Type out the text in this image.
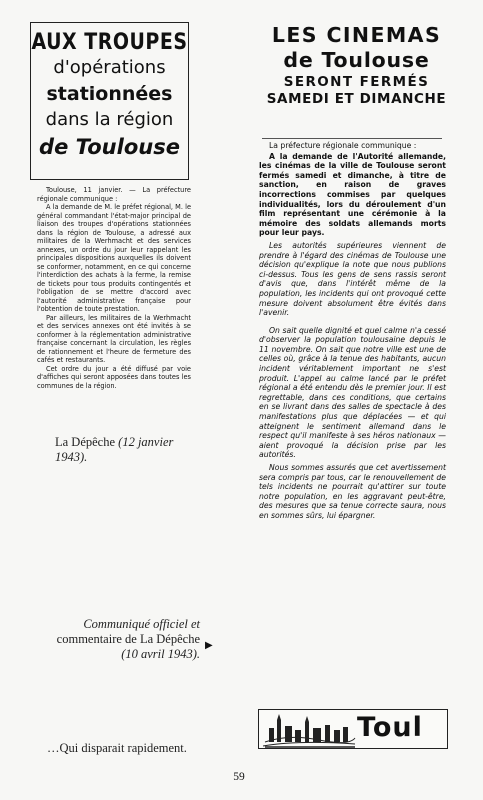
AUX TROUPES
d'opérations
stationnées
dans la région
de Toulouse

Toulouse, 11 janvier. — La préfecture régionale communique :

A la demande de M. le préfet régional, M. le général commandant l'état-major principal de liaison des troupes d'opérations stationnées dans la région de Toulouse, a adressé aux militaires de la Werhmacht et des services annexes, un ordre du jour leur rappelant les principales dispositions auxquelles ils doivent se conformer, notamment, en ce qui concerne l'interdiction des achats à la ferme, la remise de tickets pour tous produits contingentés et l'obligation de se mettre d'accord avec l'autorité administrative française pour l'obtention de toute prestation.

Par ailleurs, les militaires de la Werhmacht et des services annexes ont été invités à se conformer à la réglementation administrative française concernant la circulation, les règles de rationnement et l'heure de fermeture des cafés et restaurants.

Cet ordre du jour a été diffusé par voie d'affiches qui seront apposées dans toutes les communes de la région.

La Dépêche (12 janvier 1943).
Communiqué officiel et
commentaire de La Dépêche
(10 avril 1943).
▶
…Qui disparait rapidement.
LES CINEMAS
de Toulouse
SERONT FERMÉS
SAMEDI ET DIMANCHE

La préfecture régionale communique :

A la demande de l'Autorité allemande, les cinémas de la ville de Toulouse seront fermés samedi et dimanche, à titre de sanction, en raison de graves incorrections commises par quelques individualités, lors du déroulement d'un film représentant une cérémonie à la mémoire des soldats allemands morts pour leur pays.

Les autorités supérieures viennent de prendre à l'égard des cinémas de Toulouse une décision qu'explique la note que nous publions ci-dessus. Tous les gens de sens rassis seront d'avis que, dans l'intérêt même de la population, les incidents qui ont provoqué cette mesure doivent absolument être évités dans l'avenir.

On sait quelle dignité et quel calme n'a cessé d'observer la population toulousaine depuis le 11 novembre. On sait que notre ville est une de celles où, grâce à la tenue des habitants, aucun incident véritablement important ne s'est produit. L'appel au calme lancé par le préfet régional a été entendu dès le premier jour. Il est regrettable, dans ces conditions, que certains en se livrant dans des salles de spectacle à des manifestations plus que déplacées — et qui atteignent le sentiment allemand dans le respect qu'il manifeste à ses héros nationaux — aient provoqué la décision prise par les autorités.

Nous sommes assurés que cet avertissement sera compris par tous, car le renouvellement de tels incidents ne pourrait qu'attirer sur toute notre population, en les aggravant peut-être, des mesures que sa tenue correcte saura, nous en sommes sûrs, lui épargner.

Toul
59
